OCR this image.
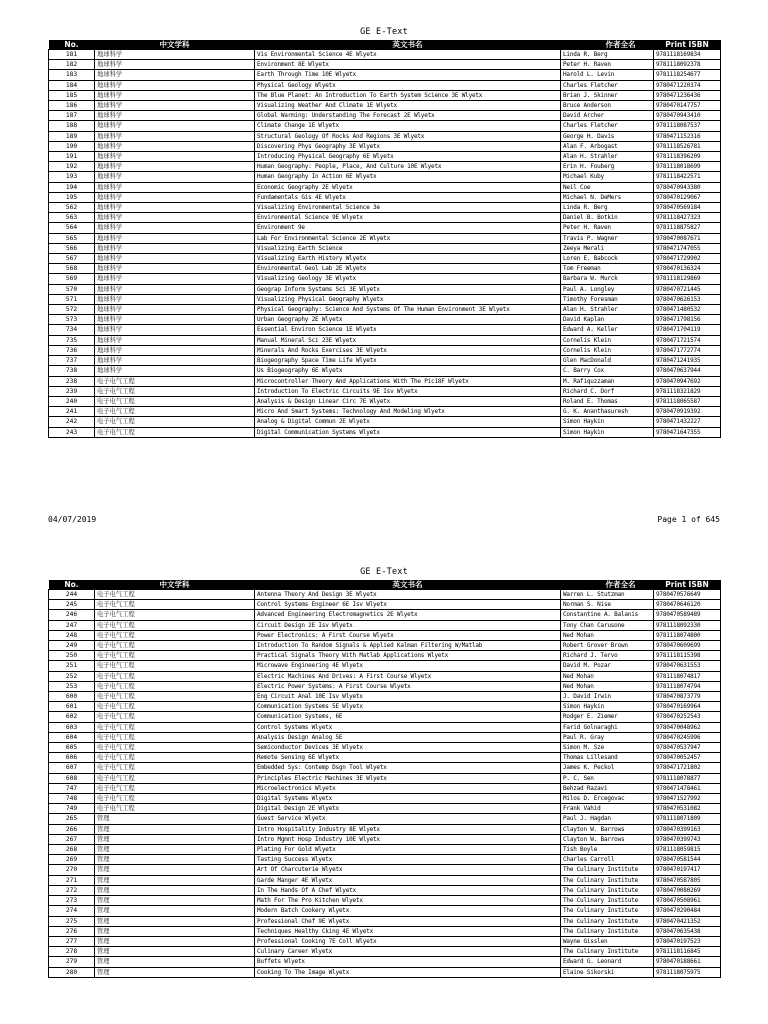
GE E-Text
No.	中文学科	英文书名	作者全名	Print ISBN
181	地球科学	Vis Environmental Science 4E Wlyetx	Linda R. Berg	9781118169834
182	地球科学	Environment 8E Wlyetx	Peter H. Raven	9781118092378
183	地球科学	Earth Through Time 10E Wlyetx	Harold L. Levin	9781118254677
184	地球科学	Physical Geology Wlyetx	Charles Fletcher	9780471220374
185	地球科学	The Blue Planet: An Introduction To Earth System Science 3E Wlyetx	Brian J. Skinner	9780471236436
186	地球科学	Visualizing Weather And Climate 1E Wlyetx	Bruce Anderson	9780470147757
187	地球科学	Global Warming: Understanding The Forecast 2E Wlyetx	David Archer	9780470943410
188	地球科学	Climate Change 1E Wlyetx	Charles Fletcher	9781118087537
189	地球科学	Structural Geology Of Rocks And Regions 3E Wlyetx	George H. Davis	9780471152316
190	地球科学	Discovering Phys Geography 3E Wlyetx	Alan F. Arbogast	9781118526781
191	地球科学	Introducing Physical Geography 6E Wlyetx	Alan H. Strahler	9781118396209
192	地球科学	Human Geography: People, Place, And Culture 10E Wlyetx	Erin H. Fouberg	9781118018699
193	地球科学	Human Geography In Action 6E Wlyetx	Michael Kuby	9781118422571
194	地球科学	Economic Geography 2E Wlyetx	Neil Coe	9780470943380
195	地球科学	Fundamentals Gis 4E Wlyetx	Michael N. DeMers	9780470129067
562	地球科学	Visualizing Environmental Science 3e	Linda R. Berg	9780470569184
563	地球科学	Environmental Science 9E Wlyetx	Daniel B. Botkin	9781118427323
564	地球科学	Environment 9e	Peter H. Raven	9781118875827
565	地球科学	Lab For Environmental Science 2E Wlyetx	Travis P. Wagner	9780470087671
566	地球科学	Visualizing Earth Science	Zeeya Merali	9780471747055
567	地球科学	Visualizing Earth History Wlyetx	Loren E. Babcock	9780471729902
568	地球科学	Environmental Geol Lab 2E Wlyetx	Tom Freeman	9780470136324
569	地球科学	Visualizing Geology 3E Wlyetx	Barbara W. Murck	9781118129869
570	地球科学	Geograp Inform Systems Sci 3E Wlyetx	Paul A. Longley	9780470721445
571	地球科学	Visualizing Physical Geography Wlyetx	Timothy Foresman	9780470626153
572	地球科学	Physical Geography: Science And Systems Of The Human Environment 3E Wlyetx	Alan H. Strahler	9780471480532
573	地球科学	Urban Geography 2E Wlyetx	David Kaplan	9780471798156
734	地球科学	Essential Environ Science 1E Wlyetx	Edward A. Keller	9780471704119
735	地球科学	Manual Mineral Sci 23E Wlyetx	Cornelis Klein	9780471721574
736	地球科学	Minerals And Rocks Exercises 3E Wlyetx	Cornelis Klein	9780471772774
737	地球科学	Biogeography Space Time Life Wlyetx	Glen MacDonald	9780471241935
738	地球科学	Us Biogeography 6E Wlyetx	C. Barry Cox	9780470637944
238	电子电气工程	Microcontroller Theory And Applications With The Pic18F Wlyetx	M. Rafiquzzaman	9780470947692
239	电子电气工程	Introduction To Electric Circuits 9E Isv Wlyetx	Richard C. Dorf	9781118321829
240	电子电气工程	Analysis & Design Linear Circ 7E Wlyetx	Roland E. Thomas	9781118065587
241	电子电气工程	Micro And Smart Systems: Technology And Modeling Wlyetx	G. K. Ananthasuresh	9780470919392
242	电子电气工程	Analog & Digital Commun 2E Wlyetx	Simon Haykin	9780471432227
243	电子电气工程	Digital Communication Systems Wlyetx	Simon Haykin	9780471647355
04/07/2019	Page 1 of 645
GE E-Text
No.	中文学科	英文书名	作者全名	Print ISBN
244	电子电气工程	Antenna Theory And Design 3E Wlyetx	Warren L. Stutzman	9780470576649
245	电子电气工程	Control Systems Engineer 6E Isv Wlyetx	Norman S. Nise	9780470646120
246	电子电气工程	Advanced Engineering Electromagnetics 2E Wlyetx	Constantine A. Balanis	9780470589489
247	电子电气工程	Circuit Design 2E Isv Wlyetx	Tony Chan Carusone	9781118092330
248	电子电气工程	Power Electronics: A First Course Wlyetx	Ned Mohan	9781118074800
249	电子电气工程	Introduction To Random Signals & Applied Kalman Filtering W/Matlab	Robert Grover Brown	9780470609699
250	电子电气工程	Practical Signals Theory With Matlab Applications Wlyetx	Richard J. Tervo	9781118115398
251	电子电气工程	Microwave Engineering 4E Wlyetx	David M. Pozar	9780470631553
252	电子电气工程	Electric Machines And Drives: A First Course Wlyetx	Ned Mohan	9781118074817
253	电子电气工程	Electric Power Systems: A First Course Wlyetx	Ned Mohan	9781118074794
600	电子电气工程	Eng Circuit Anal 10E Isv Wlyetx	J. David Irwin	9780470873779
601	电子电气工程	Communication Systems 5E Wlyetx	Simon Haykin	9780470169964
602	电子电气工程	Communication Systems, 6E	Rodger E. Ziemer	9780470252543
603	电子电气工程	Control Systems Wlyetx	Farid Golnaraghi	9780470048962
604	电子电气工程	Analysis Design Analog 5E	Paul R. Gray	9780470245996
605	电子电气工程	Semiconductor Devices 3E Wlyetx	Simon M. Sze	9780470537947
606	电子电气工程	Remote Sensing 6E Wlyetx	Thomas Lillesand	9780470052457
607	电子电气工程	Embedded Sys: Contemp Dsgn Tool Wlyetx	James K. Peckol	9780471721802
608	电子电气工程	Principles Electric Machines 3E Wlyetx	P. C. Sen	9781118078877
747	电子电气工程	Microelectronics Wlyetx	Behzad Razavi	9780471478461
748	电子电气工程	Digital Systems Wlyetx	Milos D. Ercegovac	9780471527992
749	电子电气工程	Digital Design 2E Wlyetx	Frank Vahid	9780470531082
265	管理	Guest Service Wlyetx	Paul J. Hagdan	9781118071809
266	管理	Intro Hospitality Industry 8E Wlyetx	Clayton W. Barrows	9780470399163
267	管理	Intro Mgmnt Hosp Industry 10E Wlyetx	Clayton W. Barrows	9780470399743
268	管理	Plating For Gold Wlyetx	Tish Boyle	9781118059815
269	管理	Tasting Success Wlyetx	Charles Carroll	9780470581544
270	管理	Art Of Charcuterie Wlyetx	The Culinary Institute	9780470197417
271	管理	Garde Manger 4E Wlyetx	The Culinary Institute	9780470587805
272	管理	In The Hands Of A Chef Wlyetx	The Culinary Institute	9780470080269
273	管理	Math For The Pro Kitchen Wlyetx	The Culinary Institute	9780470508961
274	管理	Modern Batch Cookery Wlyetx	The Culinary Institute	9780470290484
275	管理	Professional Chef 9E Wlyetx	The Culinary Institute	9780470421352
276	管理	Techniques Healthy Cking 4E Wlyetx	The Culinary Institute	9780470635438
277	管理	Professional Cooking 7E Coll Wlyetx	Wayne Gisslen	9780470197523
278	管理	Culinary Career Wlyetx	The Culinary Institute	9781118116845
279	管理	Buffets Wlyetx	Edward G. Leonard	9780470188661
280	管理	Cooking To The Image Wlyetx	Elaine Sikorski	9781118075975
